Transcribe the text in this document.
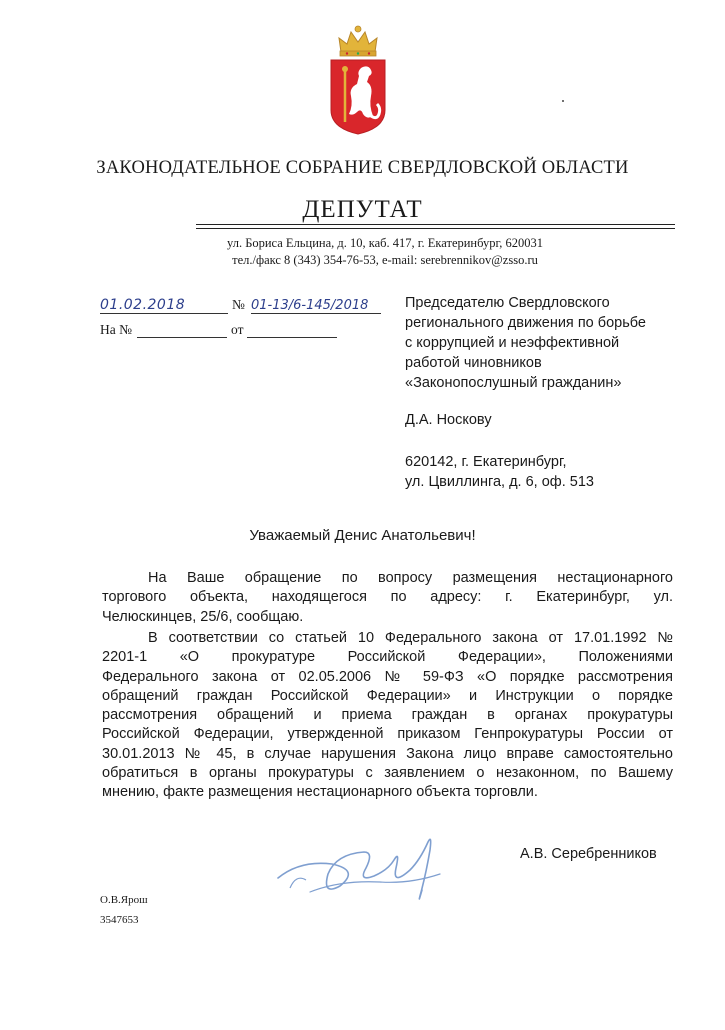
ЗАКОНОДАТЕЛЬНОЕ СОБРАНИЕ СВЕРДЛОВСКОЙ ОБЛАСТИ
ДЕПУТАТ
ул. Бориса Ельцина, д. 10, каб. 417, г. Екатеринбург, 620031
тел./факс 8 (343) 354-76-53, e-mail: serebrennikov@zsso.ru
01.02.2018	№ 01-13/6-145/2018
На №	от
Председателю Свердловского
регионального движения по борьбе
с коррупцией и неэффективной
работой чиновников
«Законопослушный гражданин»
Д.А. Носкову
620142, г. Екатеринбург,
ул. Цвиллинга, д. 6, оф. 513
Уважаемый Денис Анатольевич!
На Ваше обращение по вопросу размещения нестационарного
торгового объекта, находящегося по адресу: г. Екатеринбург, ул.
Челюскинцев, 25/6, сообщаю.
В соответствии со статьей 10 Федерального закона от 17.01.1992 №
2201-1 «О прокуратуре Российской Федерации», Положениями
Федерального закона от 02.05.2006 № 59-ФЗ «О порядке рассмотрения
обращений граждан Российской Федерации» и Инструкции о порядке
рассмотрения обращений и приема граждан в органах прокуратуры
Российской Федерации, утвержденной приказом Генпрокуратуры России от
30.01.2013 № 45, в случае нарушения Закона лицо вправе самостоятельно
обратиться в органы прокуратуры с заявлением о незаконном, по Вашему
мнению, факте размещения нестационарного объекта торговли.
А.В. Серебренников
О.В.Ярош
3547653
